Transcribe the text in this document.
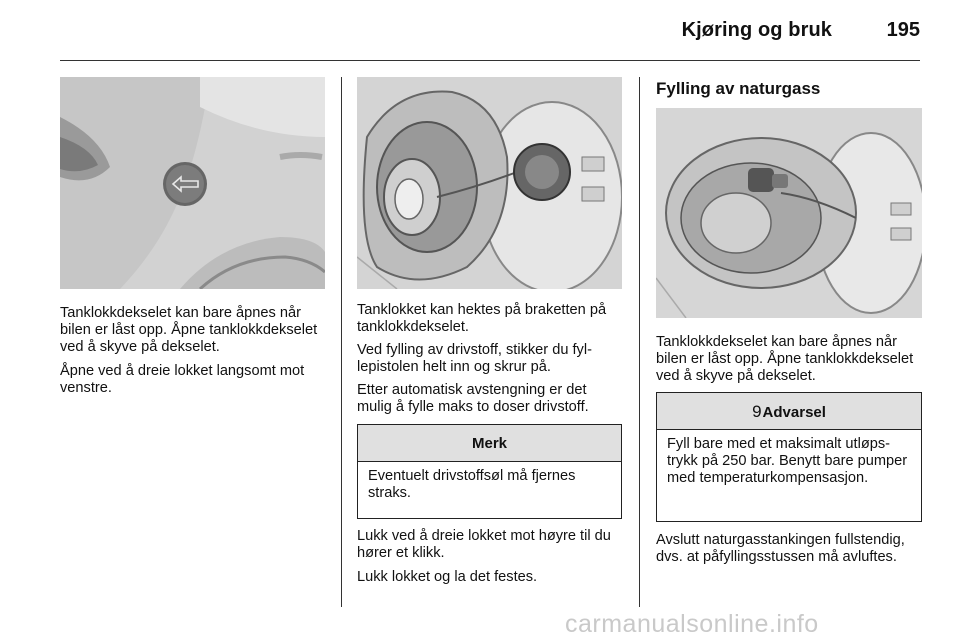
Kjøring og bruk	195
Tanklokkdekselet kan bare åpnes når bilen er låst opp. Åpne tanklokkdekselet ved å skyve på dekselet.
Åpne ved å dreie lokket langsomt mot venstre.
Tanklokket kan hektes på braketten på tanklokkdekselet.
Ved fylling av drivstoff, stikker du fyllepistolen helt inn og skrur på.
Etter automatisk avstengning er det mulig å fylle maks to doser drivstoff.
Merk
Eventuelt drivstoffsøl må fjernes straks.
Lukk ved å dreie lokket mot høyre til du hører et klikk.
Lukk lokket og la det festes.
Fylling av naturgass
Tanklokkdekselet kan bare åpnes når bilen er låst opp. Åpne tanklokkdekselet ved å skyve på dekselet.
9Advarsel
Fyll bare med et maksimalt utløpstrykk på 250 bar. Benytt bare pumper med temperaturkompensasjon.
Avslutt naturgasstankingen fullstendig, dvs. at påfyllingsstussen må avluftes.
carmanualsonline.info
